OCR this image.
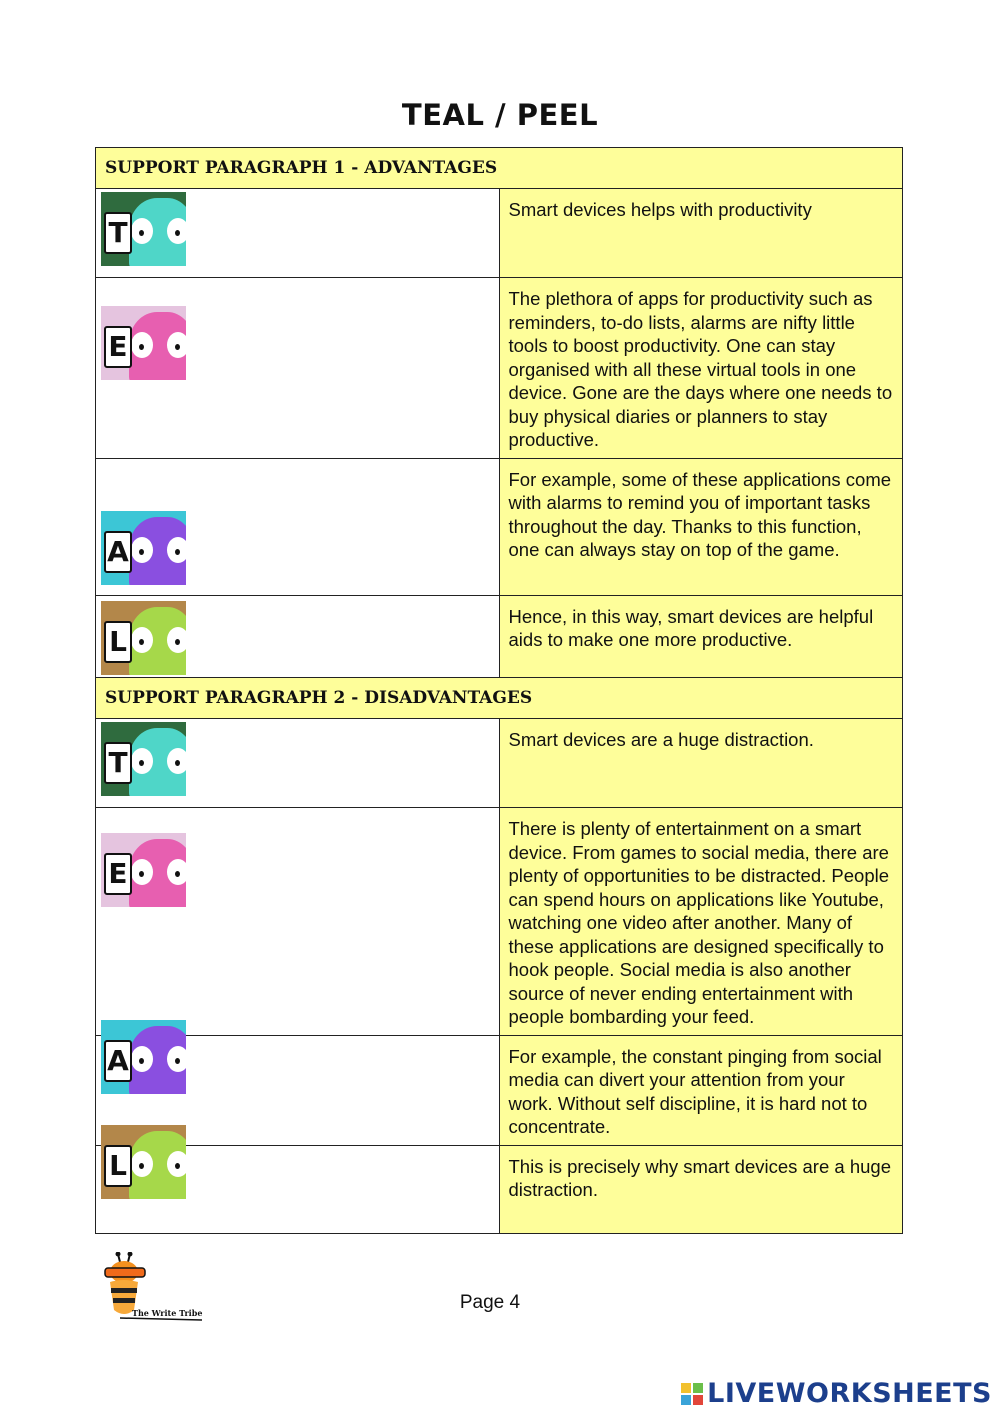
TEAL / PEEL
SUPPORT PARAGRAPH 1 - ADVANTAGES	

T	Smart devices helps with productivity

E	The plethora of apps for productivity such as reminders, to-do lists, alarms are nifty little tools to boost productivity. One can stay organised with all these virtual tools in one device. Gone are the days where one needs to buy physical diaries or planners to stay productive.

A	For example, some of these applications come with alarms to remind you of important tasks throughout the day. Thanks to this function, one can always stay on top of the game.

L	Hence, in this way, smart devices are helpful aids to make one more productive.
SUPPORT PARAGRAPH 2 - DISADVANTAGES	

T	Smart devices are a huge distraction.

E	There is plenty of entertainment on a smart device. From games to social media, there are plenty of opportunities to be distracted. People can spend hours on applications like Youtube, watching one video after another. Many of these applications are designed specifically to hook people. Social media is also another source of never ending entertainment with people bombarding your feed.

A	For example, the constant pinging from social media can divert your attention from your work. Without self discipline, it is hard not to concentrate.

L	This is precisely why smart devices are a huge distraction.
The Write Tribe	Page 4
LIVEWORKSHEETS
